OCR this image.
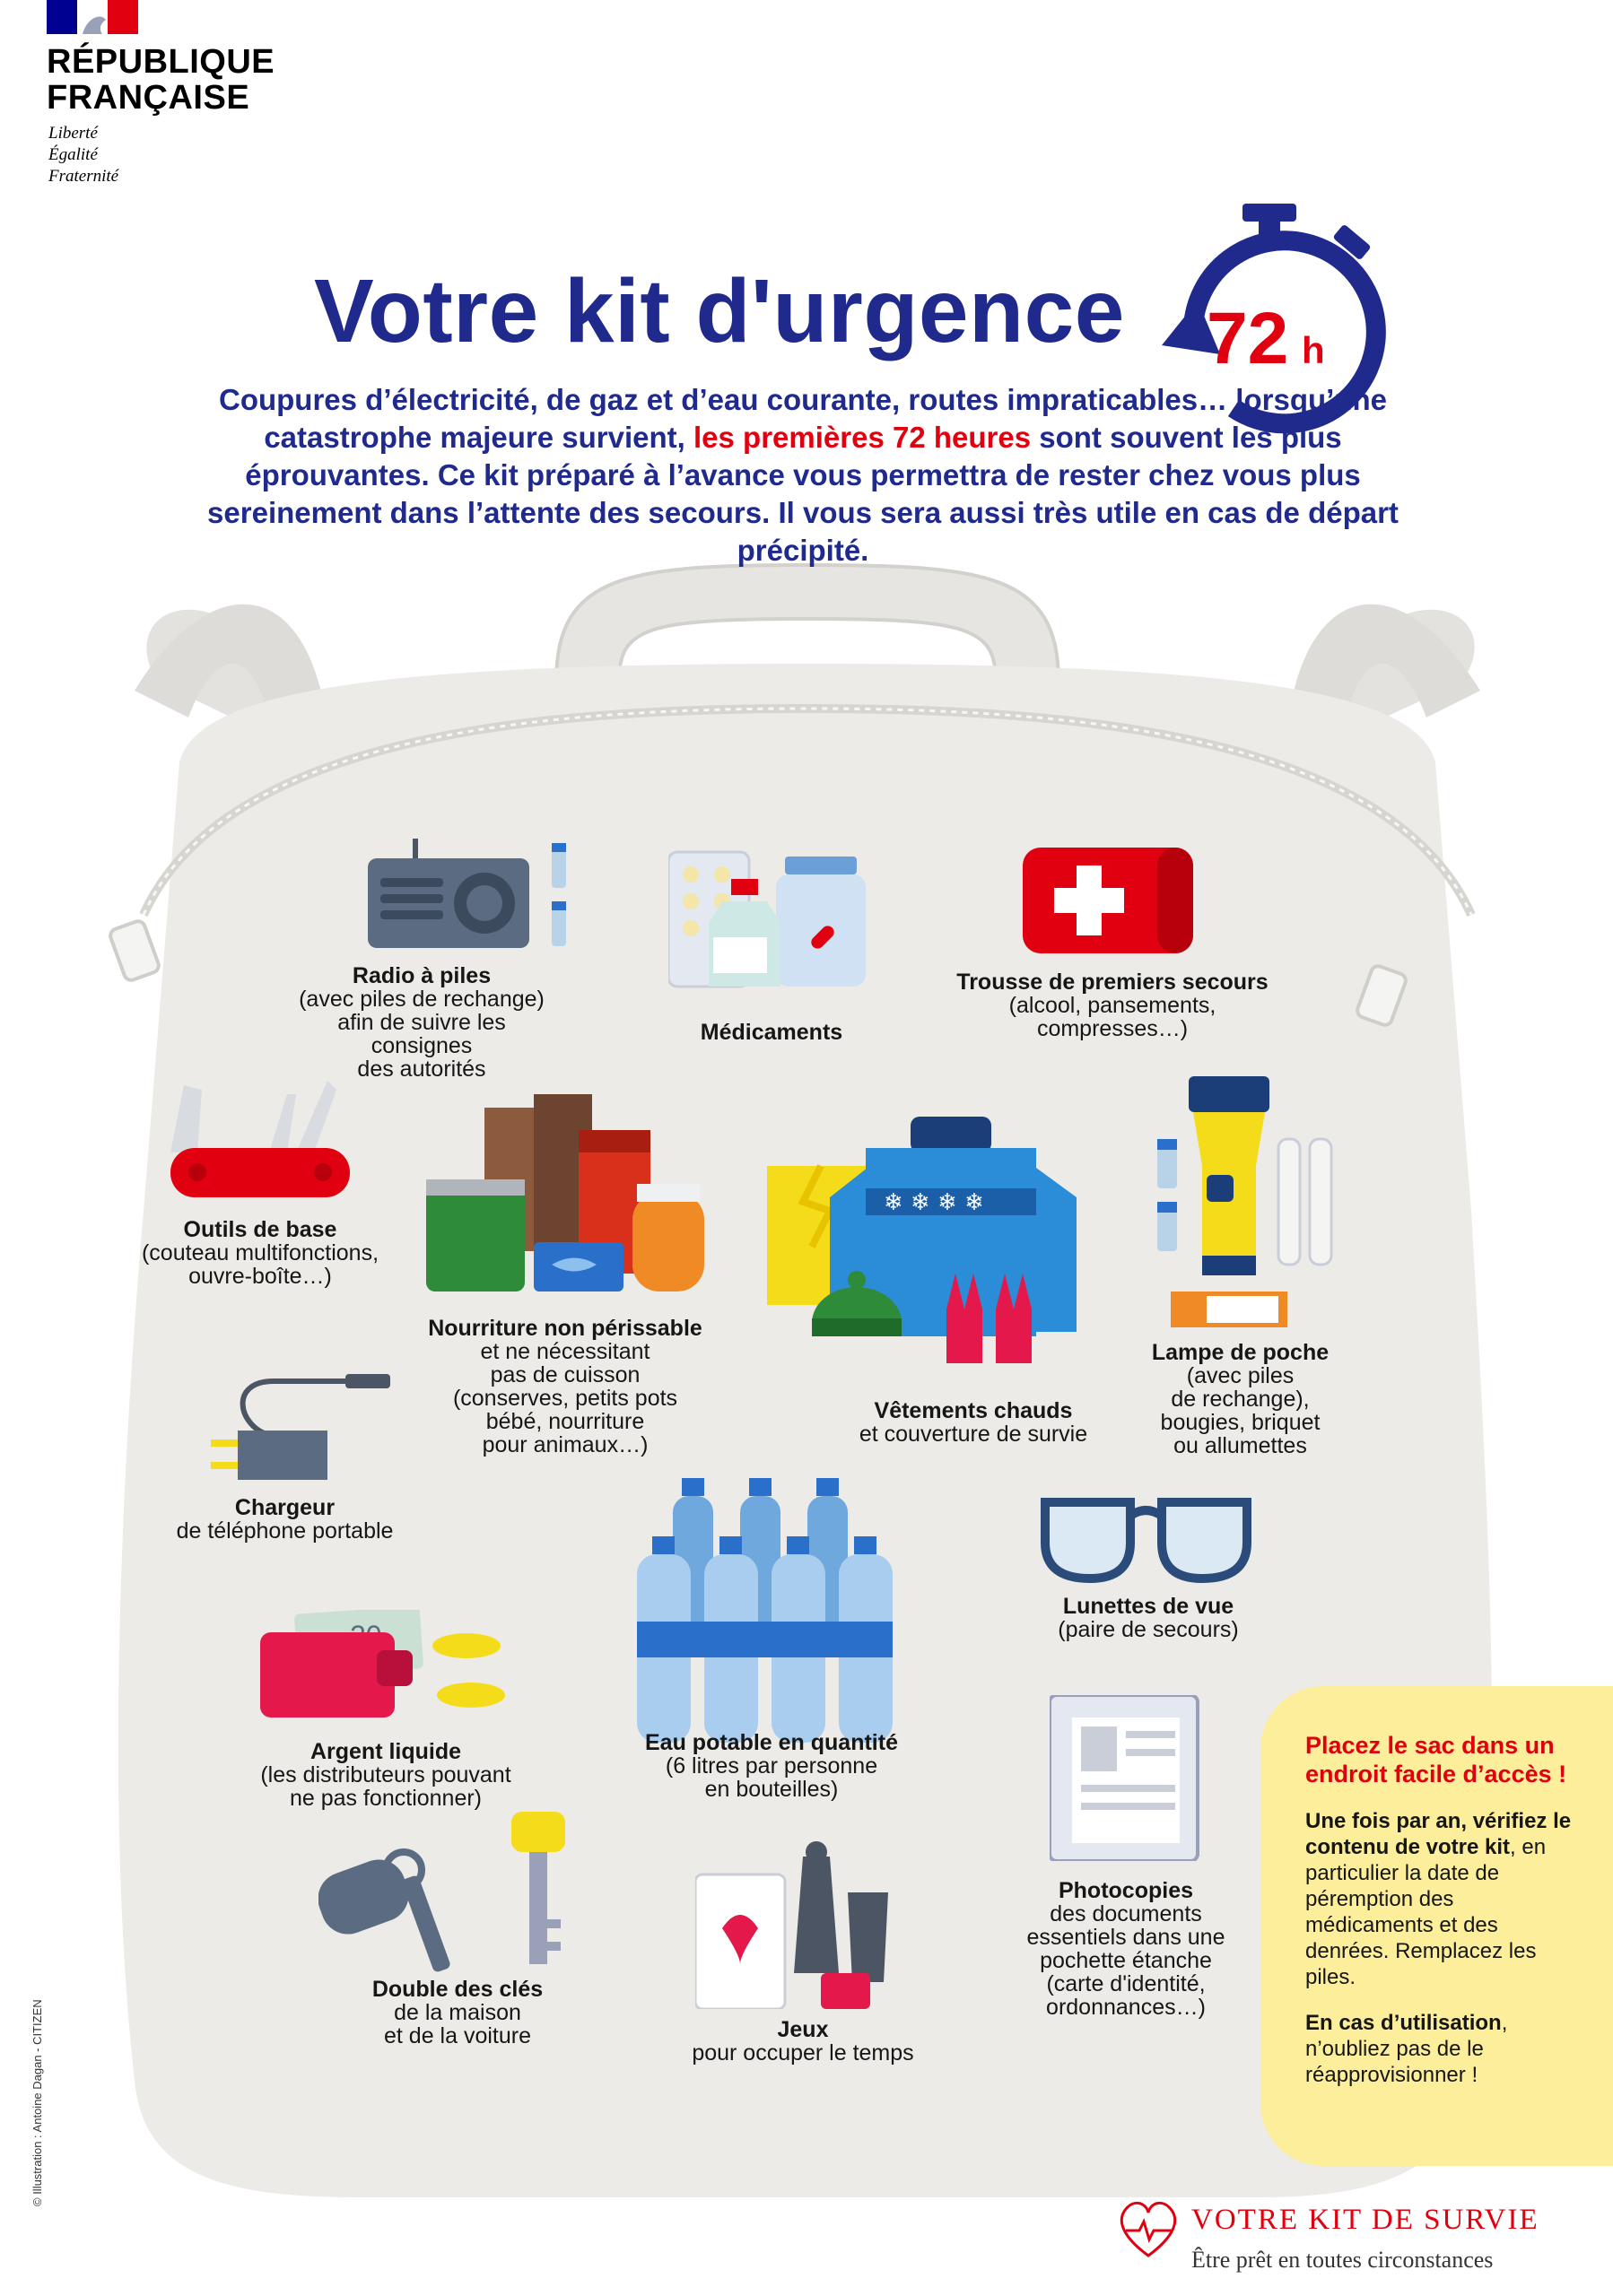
RÉPUBLIQUE
FRANÇAISE
Liberté
Égalité
Fraternité
Votre kit d'urgence 72 h
Coupures d’électricité, de gaz et d’eau courante, routes impraticables… lorsqu’une catastrophe majeure survient, les premières 72 heures sont souvent les plus éprouvantes. Ce kit préparé à l’avance vous permettra de rester chez vous plus sereinement dans l’attente des secours. Il vous sera aussi très utile en cas de départ précipité.
❄ ❄ ❄ ❄
Radio à piles
(avec piles de rechange)
afin de suivre les consignes
des autorités
Médicaments
Trousse de premiers secours
(alcool, pansements,
compresses…)
Outils de base
(couteau multifonctions,
ouvre-boîte…)
Nourriture non périssable
et ne nécessitant
pas de cuisson
(conserves, petits pots
bébé, nourriture
pour animaux…)
Vêtements chauds
et couverture de survie
Lampe de poche
(avec piles
de rechange),
bougies, briquet
ou allumettes
Chargeur
de téléphone portable
Eau potable en quantité
(6 litres par personne
en bouteilles)
Lunettes de vue
(paire de secours)
Argent liquide
(les distributeurs pouvant
ne pas fonctionner)
Photocopies
des documents
essentiels dans une
pochette étanche
(carte d'identité,
ordonnances…)
Double des clés
de la maison
et de la voiture	Jeux
pour occuper le temps
Placez le sac dans un endroit facile d’accès !
Une fois par an, vérifiez le contenu de votre kit, en particulier la date de péremption des médicaments et des denrées. Remplacez les piles.
En cas d’utilisation, n’oubliez pas de le réapprovisionner !
© Illustration : Antoine Dagan - CITIZEN
VOTRE KIT DE SURVIE
Être prêt en toutes circonstances
